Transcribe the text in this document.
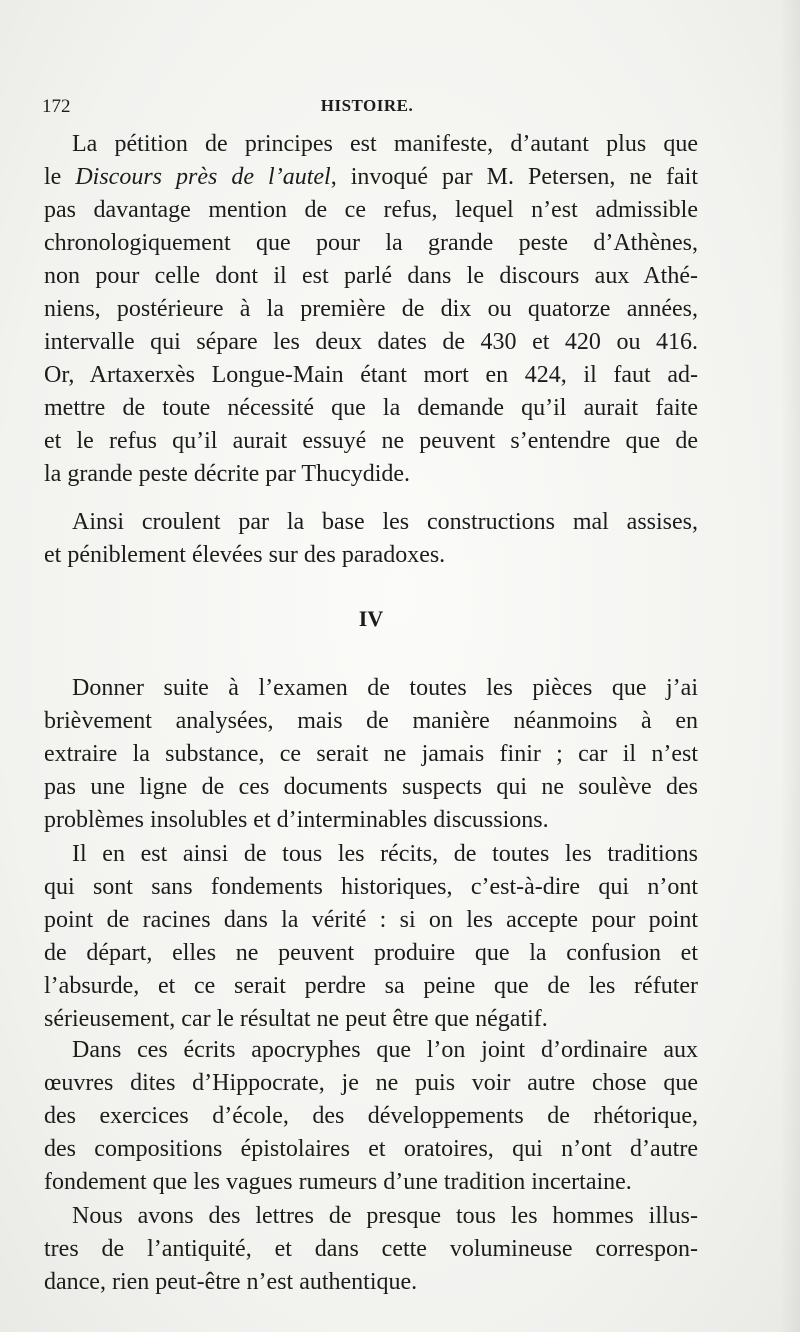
172	HISTOIRE.
La pétition de principes est manifeste, d’autant plus que
le Discours près de l’autel, invoqué par M. Petersen, ne fait
pas davantage mention de ce refus, lequel n’est admissible
chronologiquement que pour la grande peste d’Athènes,
non pour celle dont il est parlé dans le discours aux Athé-
niens, postérieure à la première de dix ou quatorze années,
intervalle qui sépare les deux dates de 430 et 420 ou 416.
Or, Artaxerxès Longue-Main étant mort en 424, il faut ad-
mettre de toute nécessité que la demande qu’il aurait faite
et le refus qu’il aurait essuyé ne peuvent s’entendre que de
la grande peste décrite par Thucydide.
Ainsi croulent par la base les constructions mal assises,
et péniblement élevées sur des paradoxes.
IV
Donner suite à l’examen de toutes les pièces que j’ai
brièvement analysées, mais de manière néanmoins à en
extraire la substance, ce serait ne jamais finir ; car il n’est
pas une ligne de ces documents suspects qui ne soulève des
problèmes insolubles et d’interminables discussions.
Il en est ainsi de tous les récits, de toutes les traditions
qui sont sans fondements historiques, c’est-à-dire qui n’ont
point de racines dans la vérité : si on les accepte pour point
de départ, elles ne peuvent produire que la confusion et
l’absurde, et ce serait perdre sa peine que de les réfuter
sérieusement, car le résultat ne peut être que négatif.
Dans ces écrits apocryphes que l’on joint d’ordinaire aux
œuvres dites d’Hippocrate, je ne puis voir autre chose que
des exercices d’école, des développements de rhétorique,
des compositions épistolaires et oratoires, qui n’ont d’autre
fondement que les vagues rumeurs d’une tradition incertaine.
Nous avons des lettres de presque tous les hommes illus-
tres de l’antiquité, et dans cette volumineuse correspon-
dance, rien peut-être n’est authentique.
